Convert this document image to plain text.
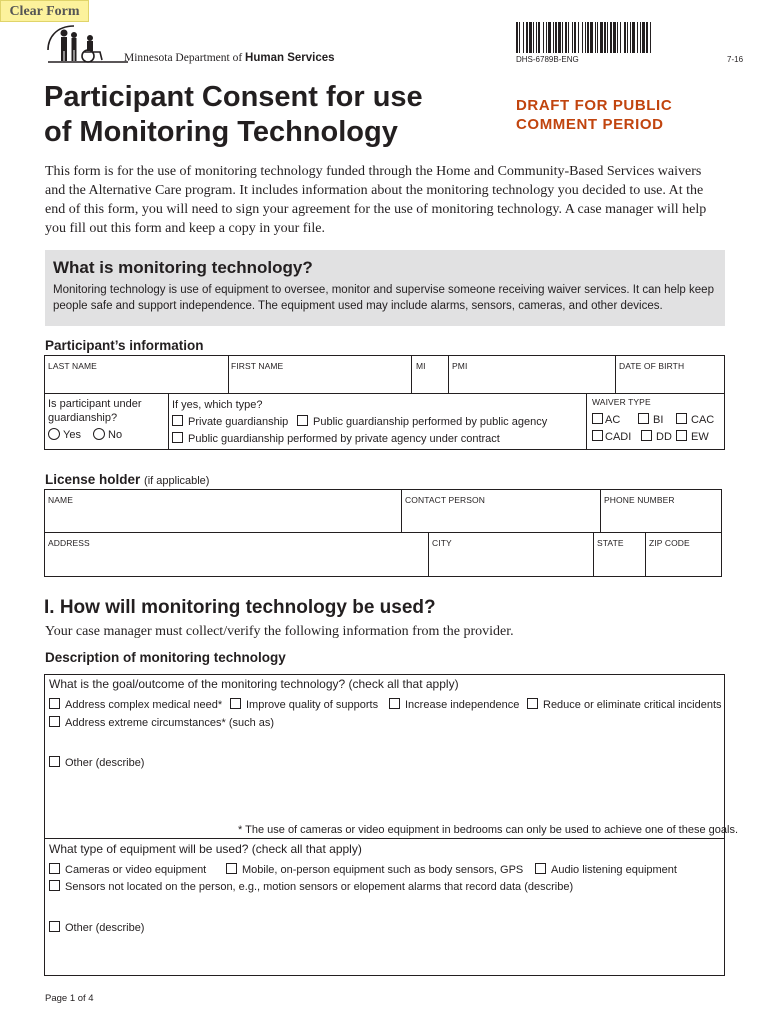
Clear Form
Minnesota Department of Human Services	DHS-6789B-ENG	7-16
Participant Consent for use
of Monitoring Technology
DRAFT FOR PUBLIC
COMMENT PERIOD
This form is for the use of monitoring technology funded through the Home and Community-Based Services waivers and the Alternative Care program. It includes information about the monitoring technology you decided to use. At the end of this form, you will need to sign your agreement for the use of monitoring technology. A case manager will help you fill out this form and keep a copy in your file.
What is monitoring technology?
Monitoring technology is use of equipment to oversee, monitor and supervise someone receiving waiver services. It can help keep people safe and support independence. The equipment used may include alarms, sensors, cameras, and other devices.
Participant’s information
LAST NAME	FIRST NAME	MI	PMI	DATE OF BIRTH
Is participant under guardianship?
Yes	No
If yes, which type?
Private guardianship	Public guardianship performed by public agency
Public guardianship performed by private agency under contract
WAIVER TYPE
AC	BI	CAC
CADI	DD	EW
License holder (if applicable)
NAME	CONTACT PERSON	PHONE NUMBER
ADDRESS	CITY	STATE	ZIP CODE
I. How will monitoring technology be used?
Your case manager must collect/verify the following information from the provider.
Description of monitoring technology
What is the goal/outcome of the monitoring technology? (check all that apply)
Address complex medical need*	Improve quality of supports	Increase independence	Reduce or eliminate critical incidents
Address extreme circumstances* (such as)
Other (describe)
* The use of cameras or video equipment in bedrooms can only be used to achieve one of these goals.
What type of equipment will be used? (check all that apply)
Cameras or video equipment	Mobile, on-person equipment such as body sensors, GPS	Audio listening equipment
Sensors not located on the person, e.g., motion sensors or elopement alarms that record data (describe)
Other (describe)
Page 1 of 4
